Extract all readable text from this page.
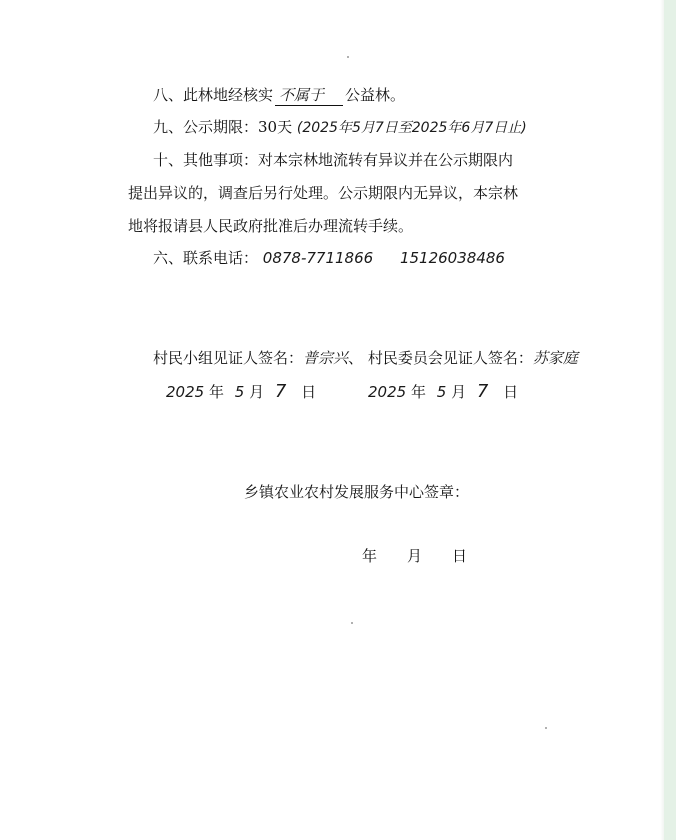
八、此林地经核实 不属于 公益林。
九、公示期限：30天 (2025年5月7日至2025年6月7日止)
十、其他事项：对本宗林地流转有异议并在公示期限内
提出异议的，调查后另行处理。公示期限内无异议，本宗林
地将报请县人民政府批准后办理流转手续。
六、联系电话： 0878-7711866 15126038486
村民小组见证人签名：普宗兴、 村民委员会见证人签名：苏家庭
2025 年 5 月 7 日	2025 年 5 月 7 日
乡镇农业农村发展服务中心签章：
年　　月　　日
